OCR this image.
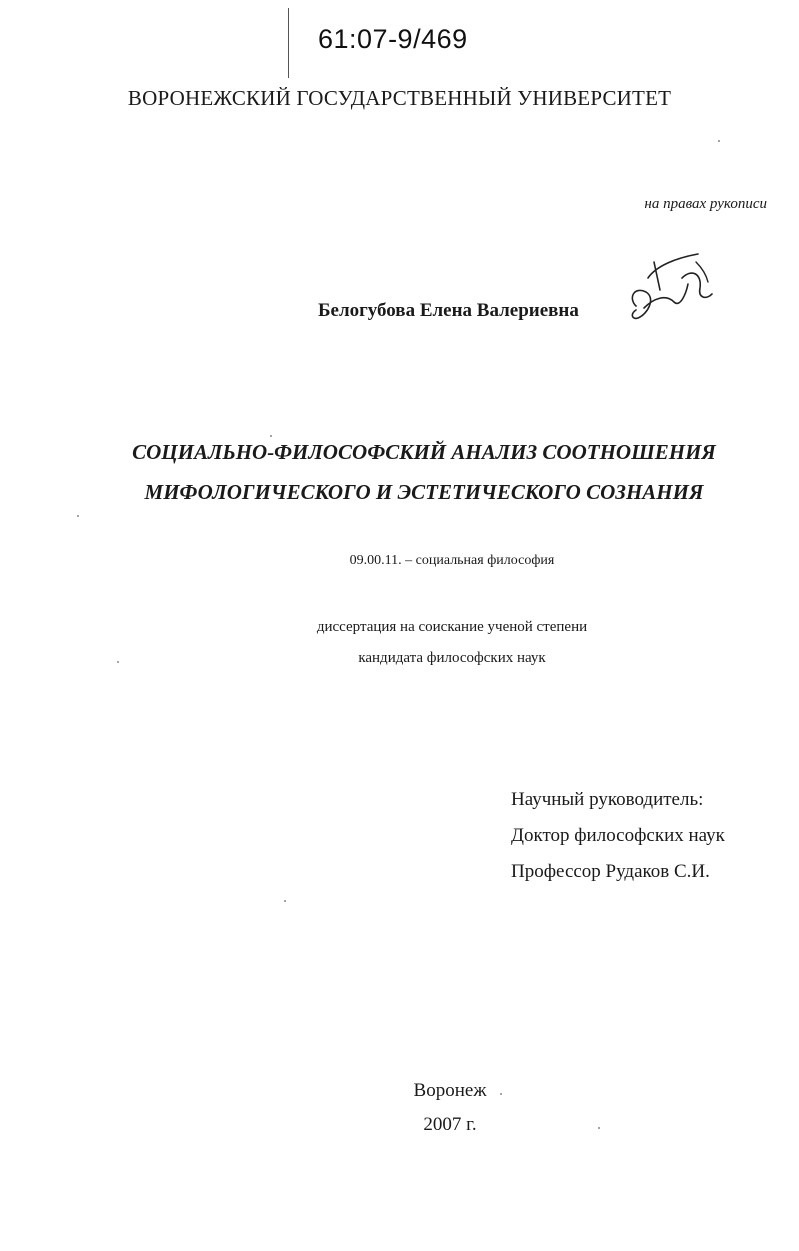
61:07-9/469
ВОРОНЕЖСКИЙ ГОСУДАРСТВЕННЫЙ УНИВЕРСИТЕТ
на правах рукописи
Белогубова Елена Валериевна
СОЦИАЛЬНО-ФИЛОСОФСКИЙ АНАЛИЗ СООТНОШЕНИЯ
МИФОЛОГИЧЕСКОГО И ЭСТЕТИЧЕСКОГО СОЗНАНИЯ
09.00.11. – социальная философия
диссертация на соискание ученой степени
кандидата философских наук
Научный руководитель:
Доктор философских наук
Профессор Рудаков С.И.
Воронеж
2007 г.
